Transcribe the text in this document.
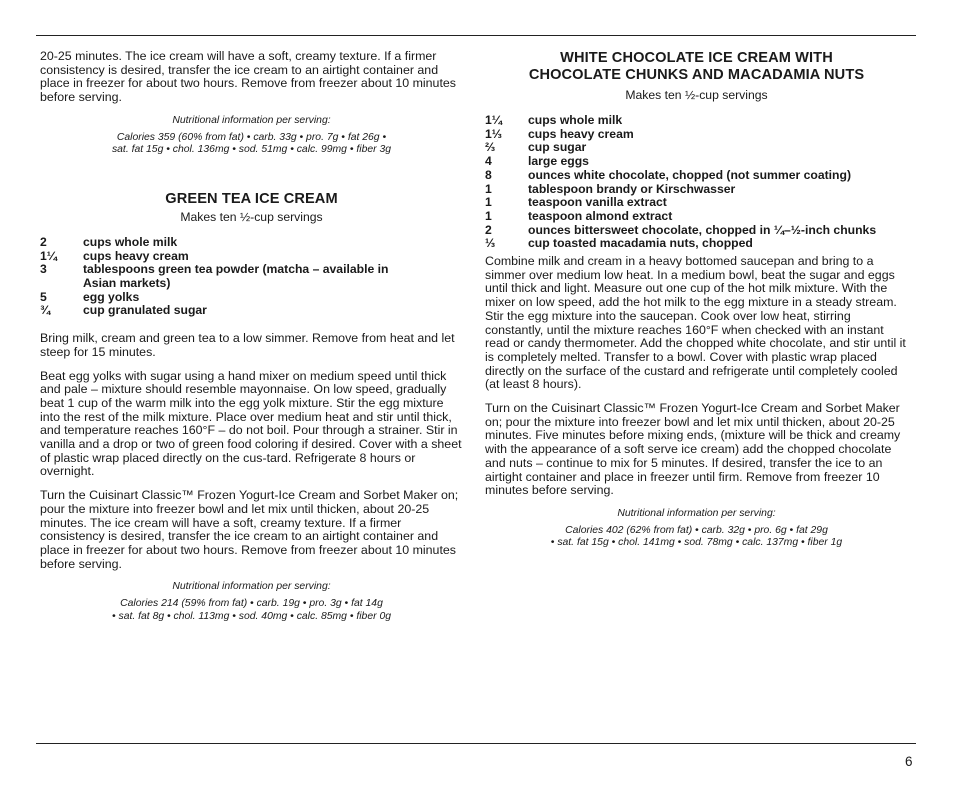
20-25 minutes. The ice cream will have a soft, creamy texture. If a firmer consistency is desired, transfer the ice cream to an airtight container and place in freezer for about two hours. Remove from freezer about 10 minutes before serving.

Nutritional information per serving:
Calories 359 (60% from fat) • carb. 33g • pro. 7g • fat 26g •
sat. fat 15g • chol. 136mg • sod. 51mg • calc. 99mg • fiber 3g
GREEN TEA ICE CREAM
Makes ten ½-cup servings
2	cups whole milk
1¼	cups heavy cream
3	tablespoons green tea powder (matcha – available in Asian markets)
5	egg yolks
¾	cup granulated sugar

Bring milk, cream and green tea to a low simmer. Remove from heat and let steep for 15 minutes.

Beat egg yolks with sugar using a hand mixer on medium speed until thick and pale – mixture should resemble mayonnaise. On low speed, gradually beat 1 cup of the warm milk into the egg yolk mixture. Stir the egg mixture into the rest of the milk mixture. Place over medium heat and stir until thick, and temperature reaches 160°F – do not boil. Pour through a strainer. Stir in vanilla and a drop or two of green food coloring if desired. Cover with a sheet of plastic wrap placed directly on the cus-tard. Refrigerate 8 hours or overnight.

Turn the Cuisinart Classic™ Frozen Yogurt-Ice Cream and Sorbet Maker on; pour the mixture into freezer bowl and let mix until thicken, about 20-25 minutes. The ice cream will have a soft, creamy texture. If a firmer consistency is desired, transfer the ice cream to an airtight container and place in freezer for about two hours. Remove from freezer about 10 minutes before serving.

Nutritional information per serving:
Calories 214 (59% from fat) • carb. 19g • pro. 3g • fat 14g
• sat. fat 8g • chol. 113mg • sod. 40mg • calc. 85mg • fiber 0g
WHITE CHOCOLATE ICE CREAM WITH
CHOCOLATE CHUNKS AND MACADAMIA NUTS
Makes ten ½-cup servings
1¼	cups whole milk
1⅓	cups heavy cream
⅔	cup sugar
4	large eggs
8	ounces white chocolate, chopped (not summer coating)
1	tablespoon brandy or Kirschwasser
1	teaspoon vanilla extract
1	teaspoon almond extract
2	ounces bittersweet chocolate, chopped in ¼–½-inch chunks
⅓	cup toasted macadamia nuts, chopped

Combine milk and cream in a heavy bottomed saucepan and bring to a simmer over medium low heat. In a medium bowl, beat the sugar and eggs until thick and light. Measure out one cup of the hot milk mixture. With the mixer on low speed, add the hot milk to the egg mixture in a steady stream. Stir the egg mixture into the saucepan. Cook over low heat, stirring constantly, until the mixture reaches 160°F when checked with an instant read or candy thermometer. Add the chopped white chocolate, and stir until it is completely melted. Transfer to a bowl. Cover with plastic wrap placed directly on the surface of the custard and refrigerate until completely cooled (at least 8 hours).

Turn on the Cuisinart Classic™ Frozen Yogurt-Ice Cream and Sorbet Maker on; pour the mixture into freezer bowl and let mix until thicken, about 20-25 minutes. Five minutes before mixing ends, (mixture will be thick and creamy with the appearance of a soft serve ice cream) add the chopped chocolate and nuts – continue to mix for 5 minutes. If desired, transfer the ice to an airtight container and place in freezer until firm. Remove from freezer 10 minutes before serving.

Nutritional information per serving:
Calories 402 (62% from fat) • carb. 32g • pro. 6g • fat 29g
• sat. fat 15g • chol. 141mg • sod. 78mg • calc. 137mg • fiber 1g
6
